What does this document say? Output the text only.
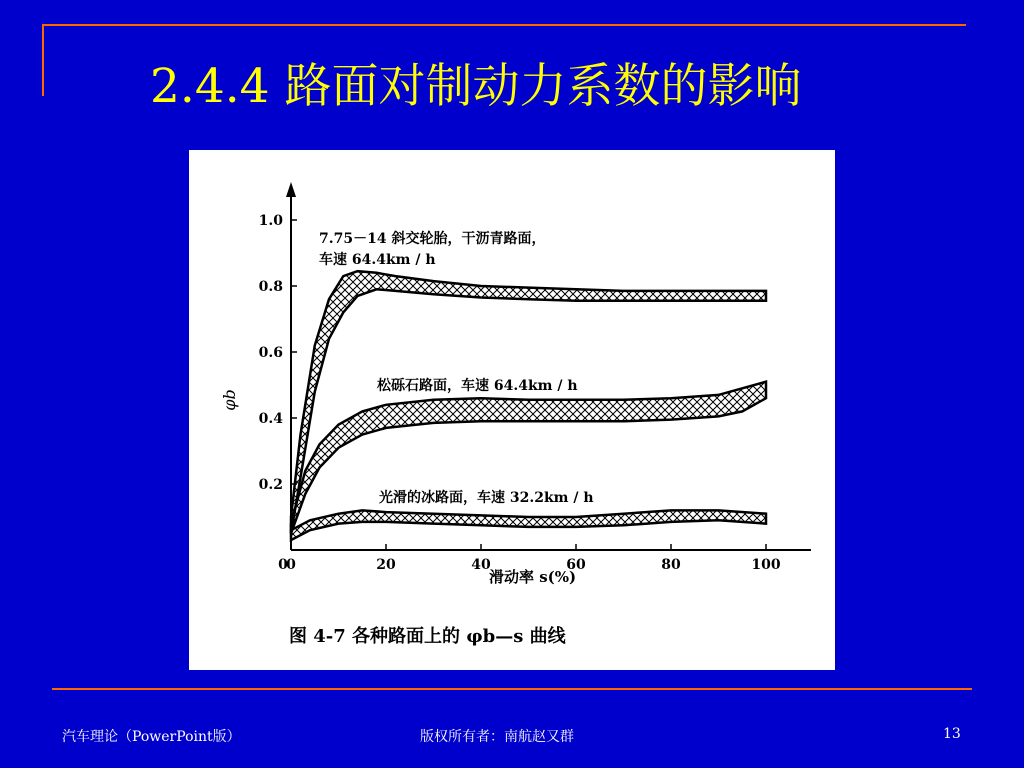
2.4.4 路面对制动力系数的影响
0	20	40	60	80	100
0.2
0.4
0.6
0.8
1.0
0
7.75－14 斜交轮胎，干沥青路面，
车速 64.4km / h
松砾石路面，车速 64.4km / h
光滑的冰路面，车速 32.2km / h
滑动率 s(%)
φb
图 4-7 各种路面上的 φb—s 曲线
汽车理论（PowerPoint版）	版权所有者：南航赵又群	13
